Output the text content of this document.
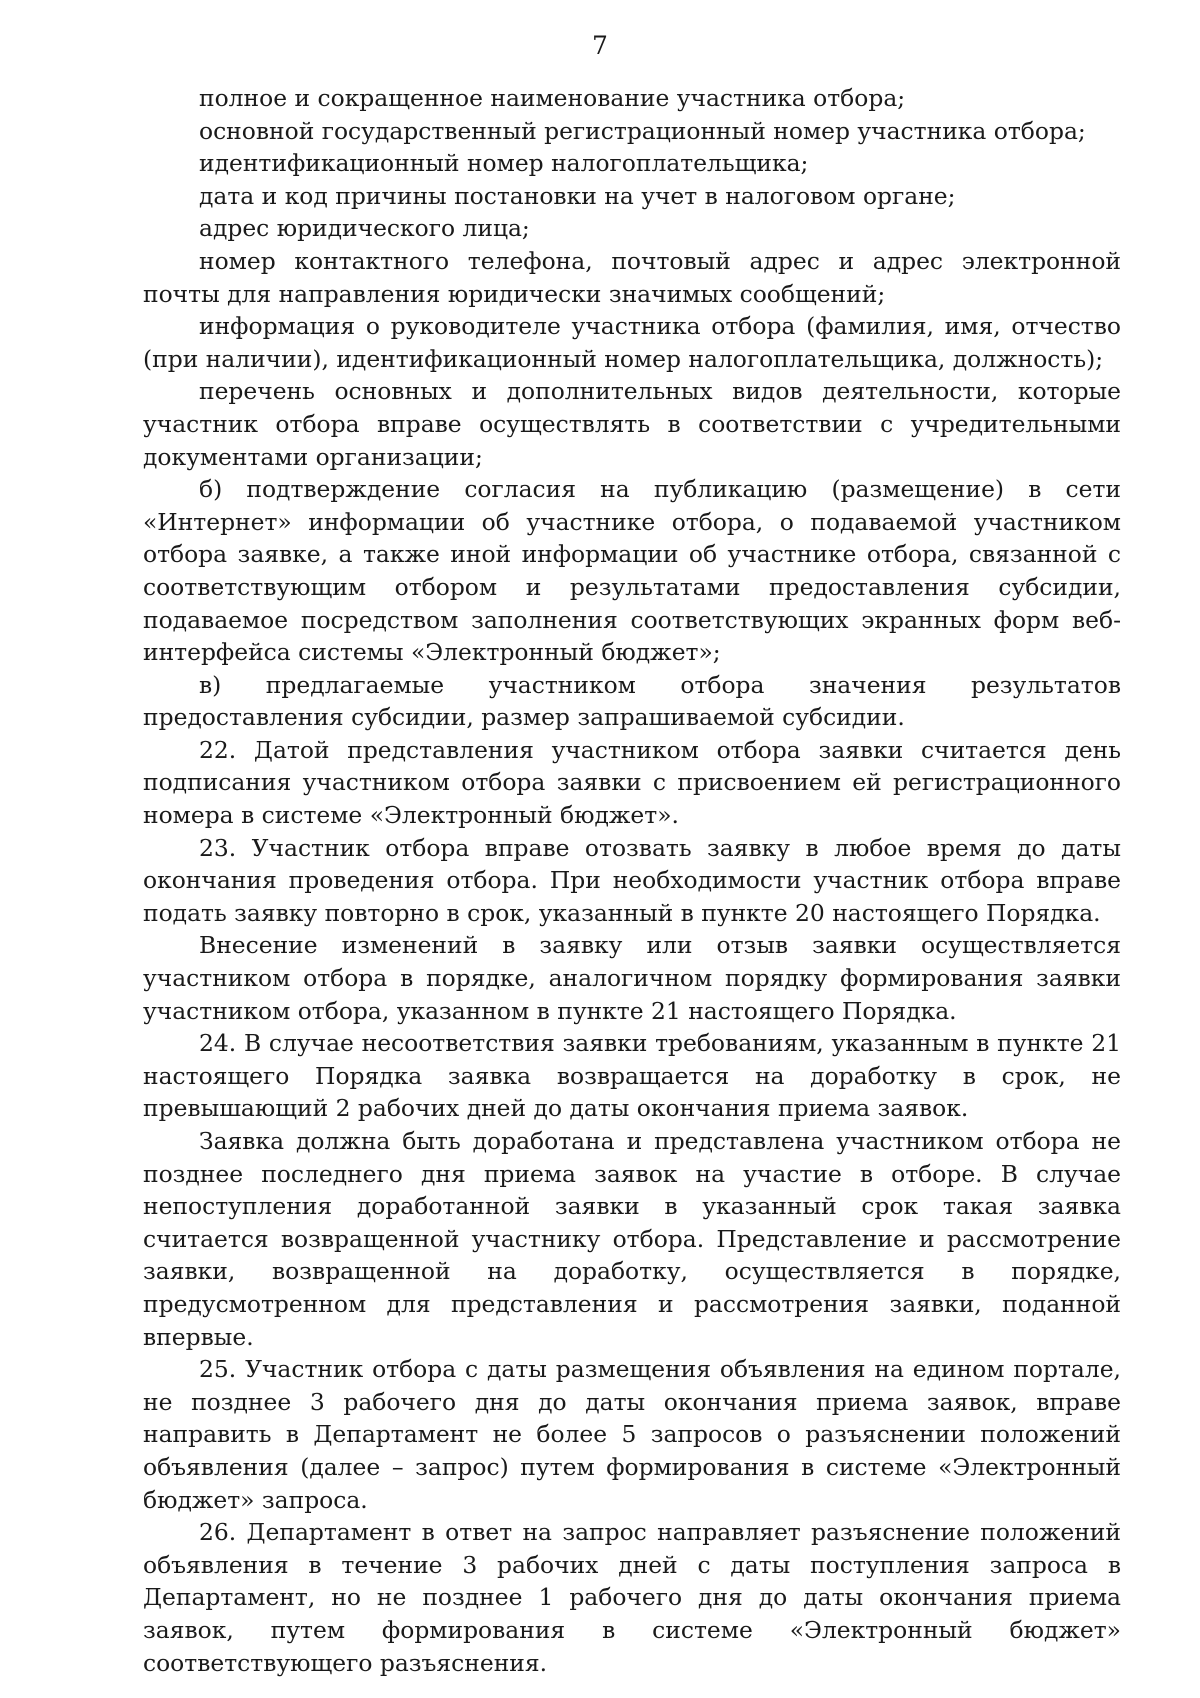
7

полное и сокращенное наименование участника отбора;

основной государственный регистрационный номер участника отбора;

идентификационный номер налогоплательщика;

дата и код причины постановки на учет в налоговом органе;

адрес юридического лица;

номер контактного телефона, почтовый адрес и адрес электронной почты для направления юридически значимых сообщений;

информация о руководителе участника отбора (фамилия, имя, отчество (при наличии), идентификационный номер налогоплательщика, должность);

перечень основных и дополнительных видов деятельности, которые участник отбора вправе осуществлять в соответствии с учредительными документами организации;

б) подтверждение согласия на публикацию (размещение) в сети «Интернет» информации об участнике отбора, о подаваемой участником отбора заявке, а также иной информации об участнике отбора, связанной с соответствующим отбором и результатами предоставления субсидии, подаваемое посредством заполнения соответствующих экранных форм веб-интерфейса системы «Электронный бюджет»;

в) предлагаемые участником отбора значения результатов предоставления субсидии, размер запрашиваемой субсидии.

22. Датой представления участником отбора заявки считается день подписания участником отбора заявки с присвоением ей регистрационного номера в системе «Электронный бюджет».

23. Участник отбора вправе отозвать заявку в любое время до даты окончания проведения отбора. При необходимости участник отбора вправе подать заявку повторно в срок, указанный в пункте 20 настоящего Порядка.

Внесение изменений в заявку или отзыв заявки осуществляется участником отбора в порядке, аналогичном порядку формирования заявки участником отбора, указанном в пункте 21 настоящего Порядка.

24. В случае несоответствия заявки требованиям, указанным в пункте 21 настоящего Порядка заявка возвращается на доработку в срок, не превышающий 2 рабочих дней до даты окончания приема заявок.

Заявка должна быть доработана и представлена участником отбора не позднее последнего дня приема заявок на участие в отборе. В случае непоступления доработанной заявки в указанный срок такая заявка считается возвращенной участнику отбора. Представление и рассмотрение заявки, возвращенной на доработку, осуществляется в порядке, предусмотренном для представления и рассмотрения заявки, поданной впервые.

25. Участник отбора с даты размещения объявления на едином портале, не позднее 3 рабочего дня до даты окончания приема заявок, вправе направить в Департамент не более 5 запросов о разъяснении положений объявления (далее – запрос) путем формирования в системе «Электронный бюджет» запроса.

26. Департамент в ответ на запрос направляет разъяснение положений объявления в течение 3 рабочих дней с даты поступления запроса в Департамент, но не позднее 1 рабочего дня до даты окончания приема заявок, путем формирования в системе «Электронный бюджет» соответствующего разъяснения.
